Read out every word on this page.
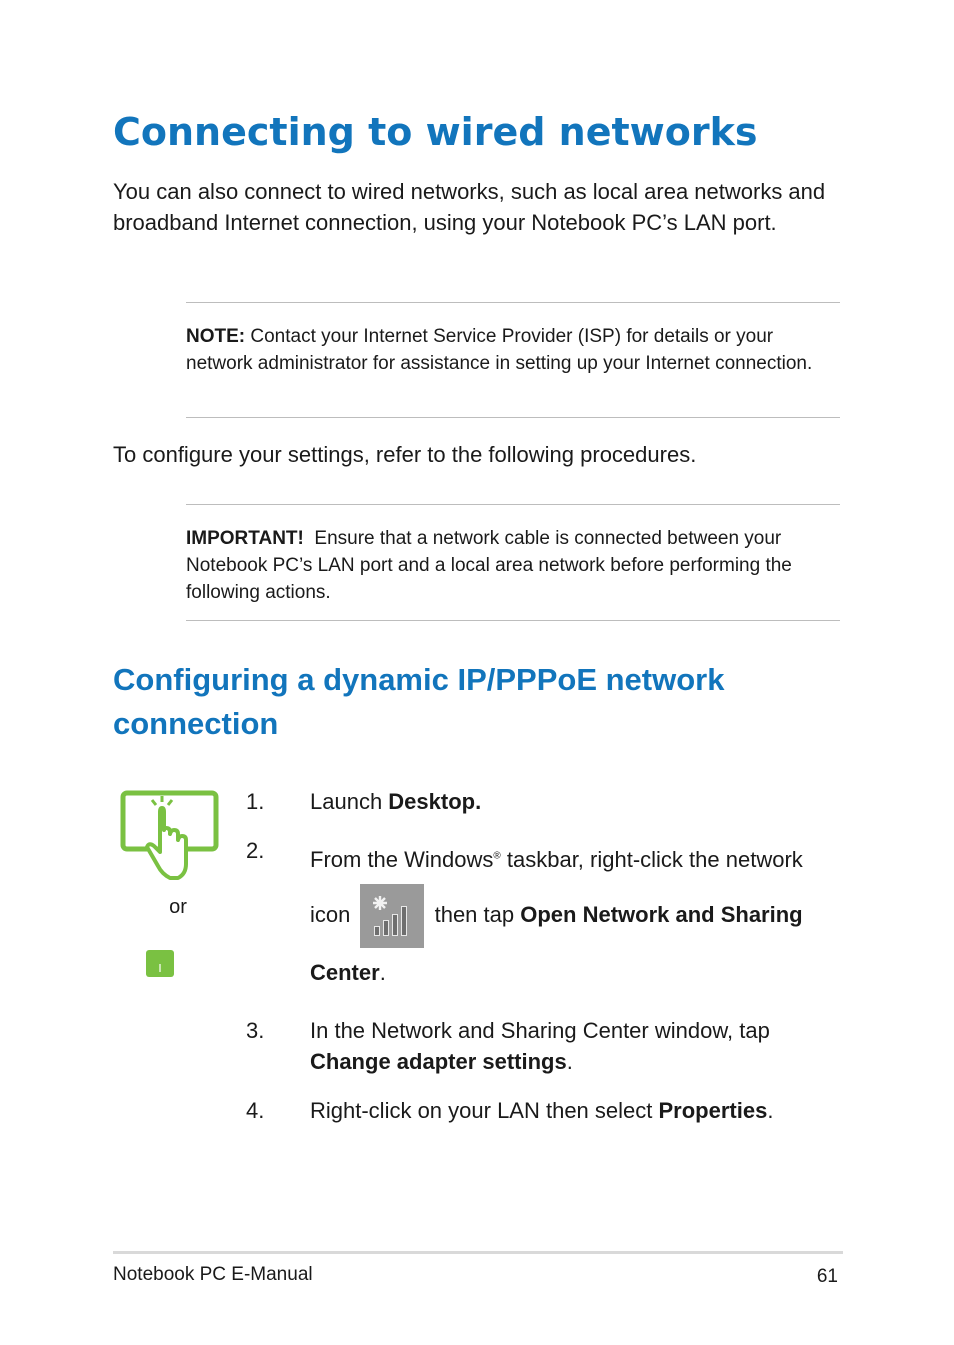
Connecting to wired networks

You can also connect to wired networks, such as local area networks and broadband Internet connection, using your Notebook PC’s LAN port.

NOTE: Contact your Internet Service Provider (ISP) for details or your network administrator for assistance in setting up your Internet connection.

To configure your settings, refer to the following procedures.

IMPORTANT!  Ensure that a network cable is connected between your Notebook PC’s LAN port and a local area network before performing the following actions.

Configuring a dynamic IP/PPPoE network connection
or
1. Launch Desktop.
2. From the Windows® taskbar, right-click the network
icon	then tap Open Network and Sharing
Center.
3. In the Network and Sharing Center window, tap Change adapter settings.
4. Right-click on your LAN then select Properties.
Notebook PC E-Manual	61
